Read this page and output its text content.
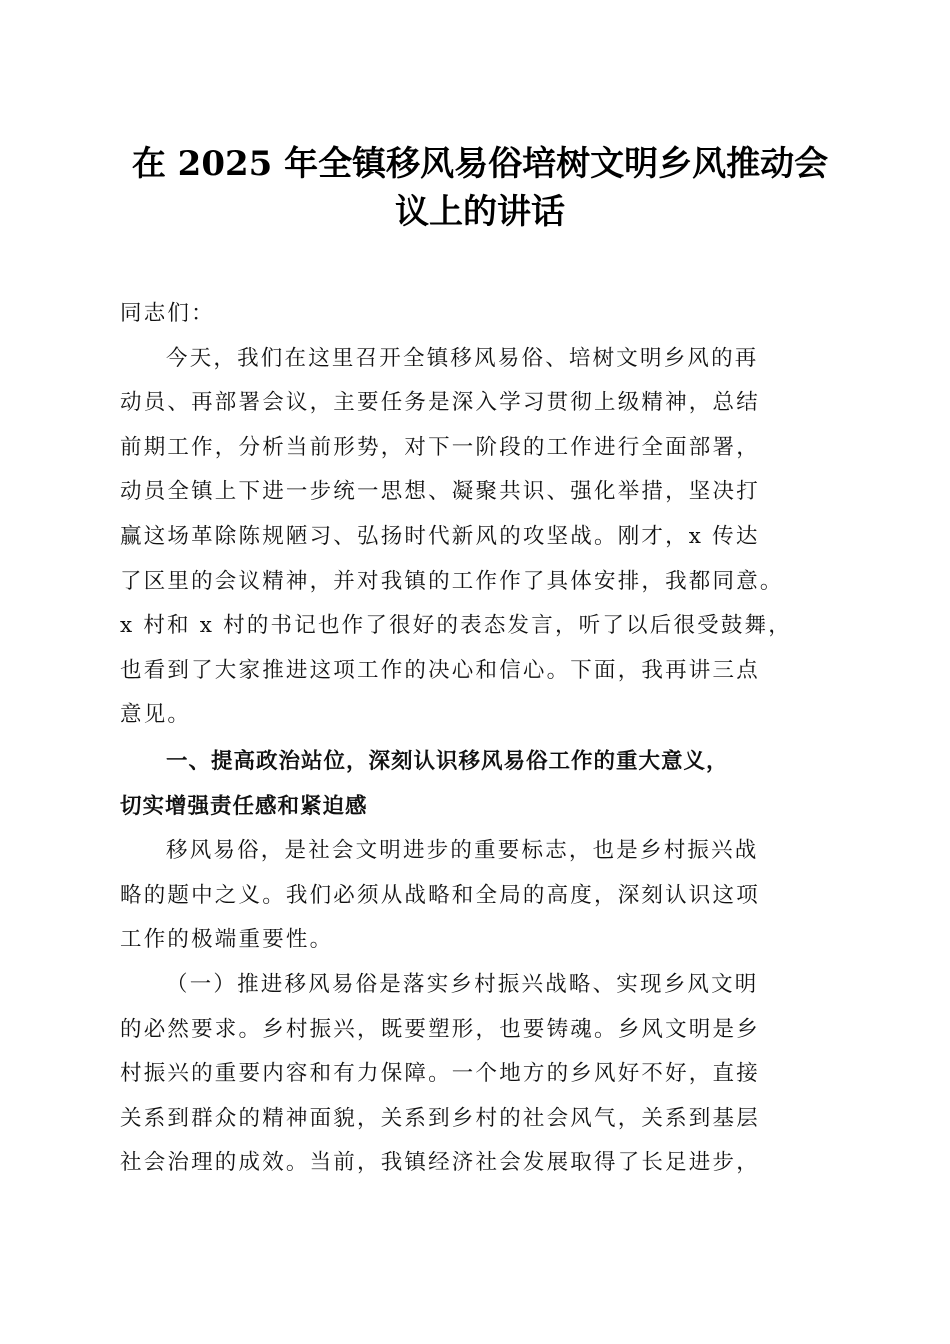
在 2025 年全镇移风易俗培树文明乡风推动会
议上的讲话

同志们：

今天，我们在这里召开全镇移风易俗、培树文明乡风的再
动员、再部署会议，主要任务是深入学习贯彻上级精神，总结
前期工作，分析当前形势，对下一阶段的工作进行全面部署，
动员全镇上下进一步统一思想、凝聚共识、强化举措，坚决打
赢这场革除陈规陋习、弘扬时代新风的攻坚战。刚才，x 传达
了区里的会议精神，并对我镇的工作作了具体安排，我都同意。
x 村和 x 村的书记也作了很好的表态发言，听了以后很受鼓舞，
也看到了大家推进这项工作的决心和信心。下面，我再讲三点
意见。

一、提高政治站位，深刻认识移风易俗工作的重大意义，
切实增强责任感和紧迫感

移风易俗，是社会文明进步的重要标志，也是乡村振兴战
略的题中之义。我们必须从战略和全局的高度，深刻认识这项
工作的极端重要性。

（一）推进移风易俗是落实乡村振兴战略、实现乡风文明
的必然要求。乡村振兴，既要塑形，也要铸魂。乡风文明是乡
村振兴的重要内容和有力保障。一个地方的乡风好不好，直接
关系到群众的精神面貌，关系到乡村的社会风气，关系到基层
社会治理的成效。当前，我镇经济社会发展取得了长足进步，
